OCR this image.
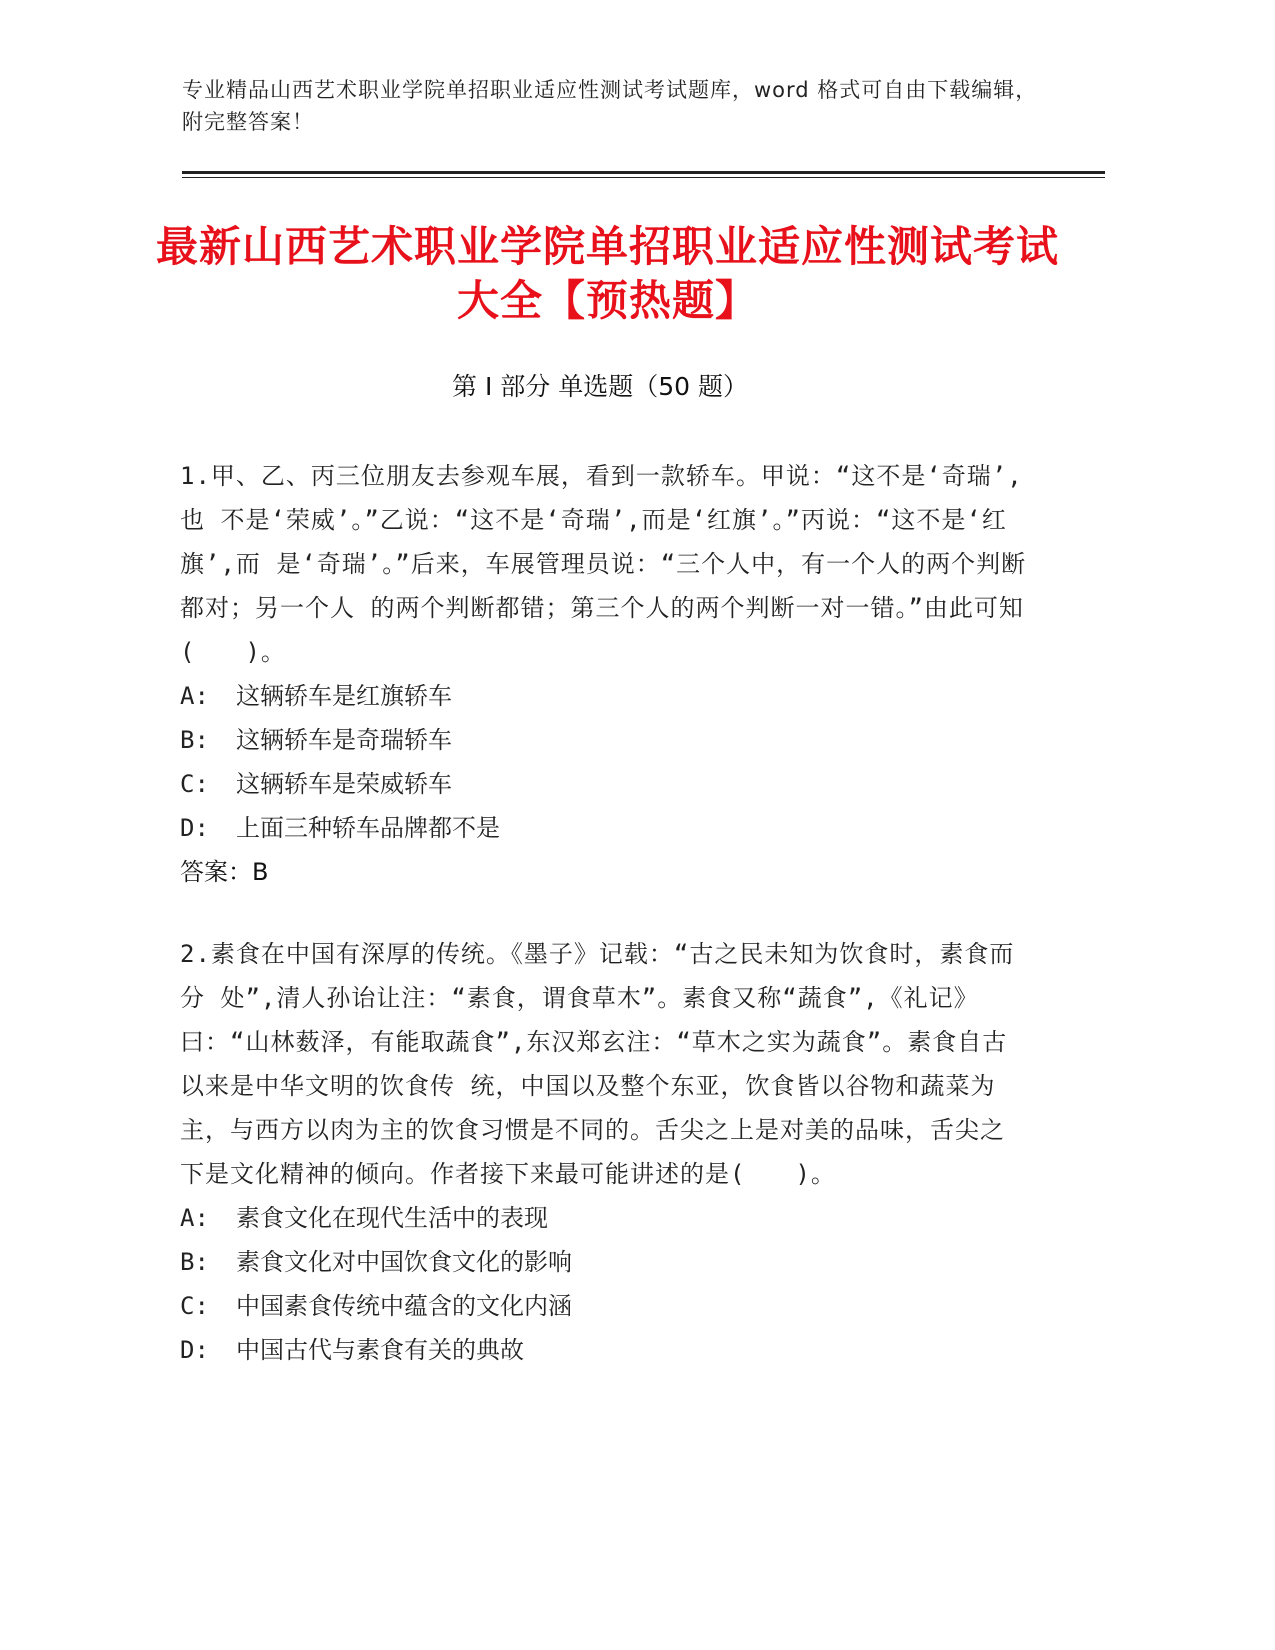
专业精品山西艺术职业学院单招职业适应性测试考试题库，word 格式可自由下载编辑，附完整答案！
最新山西艺术职业学院单招职业适应性测试考试大全【预热题】
第 I 部分 单选题（50 题）

1.甲、乙、丙三位朋友去参观车展，看到一款轿车。甲说：“这不是‘奇瑞’,也 不是‘荣威’。”乙说：“这不是‘奇瑞’,而是‘红旗’。”丙说：“这不是‘红旗’,而 是‘奇瑞’。”后来，车展管理员说：“三个人中，有一个人的两个判断都对；另一个人 的两个判断都错；第三个人的两个判断一对一错。”由此可知(　　)。

A: 这辆轿车是红旗轿车

B: 这辆轿车是奇瑞轿车

C: 这辆轿车是荣威轿车

D: 上面三种轿车品牌都不是

答案：B

2.素食在中国有深厚的传统。《墨子》记载：“古之民未知为饮食时，素食而分 处”,清人孙诒让注：“素食，谓食草木”。素食又称“蔬食”,《礼记》曰：“山林薮泽，有能取蔬食”,东汉郑玄注：“草木之实为蔬食”。素食自古以来是中华文明的饮食传 统，中国以及整个东亚，饮食皆以谷物和蔬菜为主，与西方以肉为主的饮食习惯是不同的。舌尖之上是对美的品味，舌尖之下是文化精神的倾向。作者接下来最可能讲述的是(　　)。

A: 素食文化在现代生活中的表现

B: 素食文化对中国饮食文化的影响

C: 中国素食传统中蕴含的文化内涵

D: 中国古代与素食有关的典故
